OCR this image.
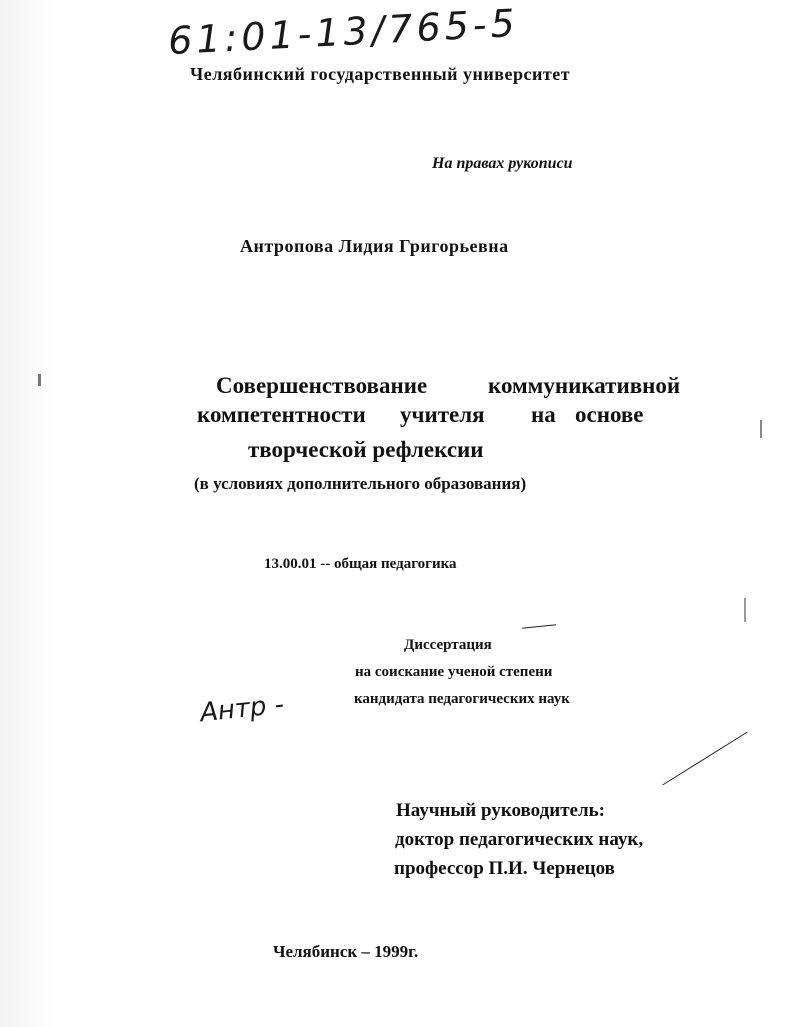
61:01-13/765-5
Челябинский государственный университет
На правах рукописи
Антропова Лидия Григорьевна
Совершенствование	коммуникативной
компетентности учителя на основе
творческой рефлексии
(в условиях дополнительного образования)
13.00.01 -- общая педагогика
Диссертация
на соискание ученой степени
кандидата педагогических наук
Антр -
Научный руководитель:
доктор педагогических наук,
профессор П.И. Чернецов
Челябинск – 1999г.
